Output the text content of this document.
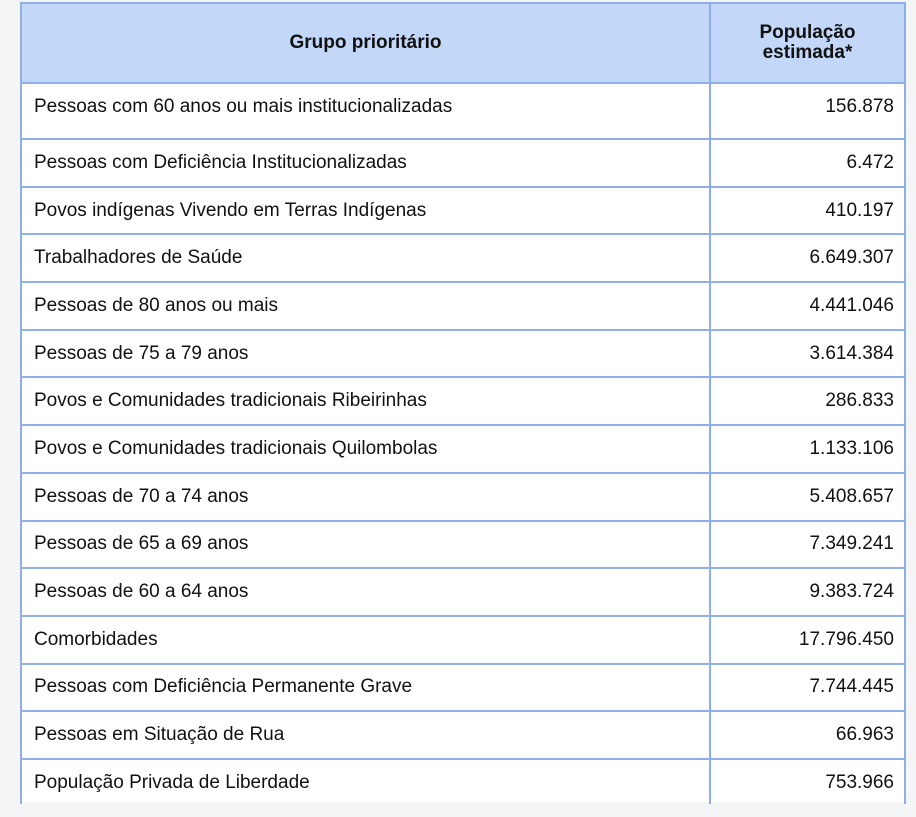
Grupo prioritário	População
estimada*
Pessoas com 60 anos ou mais institucionalizadas	156.878
Pessoas com Deficiência Institucionalizadas	6.472
Povos indígenas Vivendo em Terras Indígenas	410.197
Trabalhadores de Saúde	6.649.307
Pessoas de 80 anos ou mais	4.441.046
Pessoas de 75 a 79 anos	3.614.384
Povos e Comunidades tradicionais Ribeirinhas	286.833
Povos e Comunidades tradicionais Quilombolas	1.133.106
Pessoas de 70 a 74 anos	5.408.657
Pessoas de 65 a 69 anos	7.349.241
Pessoas de 60 a 64 anos	9.383.724
Comorbidades	17.796.450
Pessoas com Deficiência Permanente Grave	7.744.445
Pessoas em Situação de Rua	66.963
População Privada de Liberdade	753.966
